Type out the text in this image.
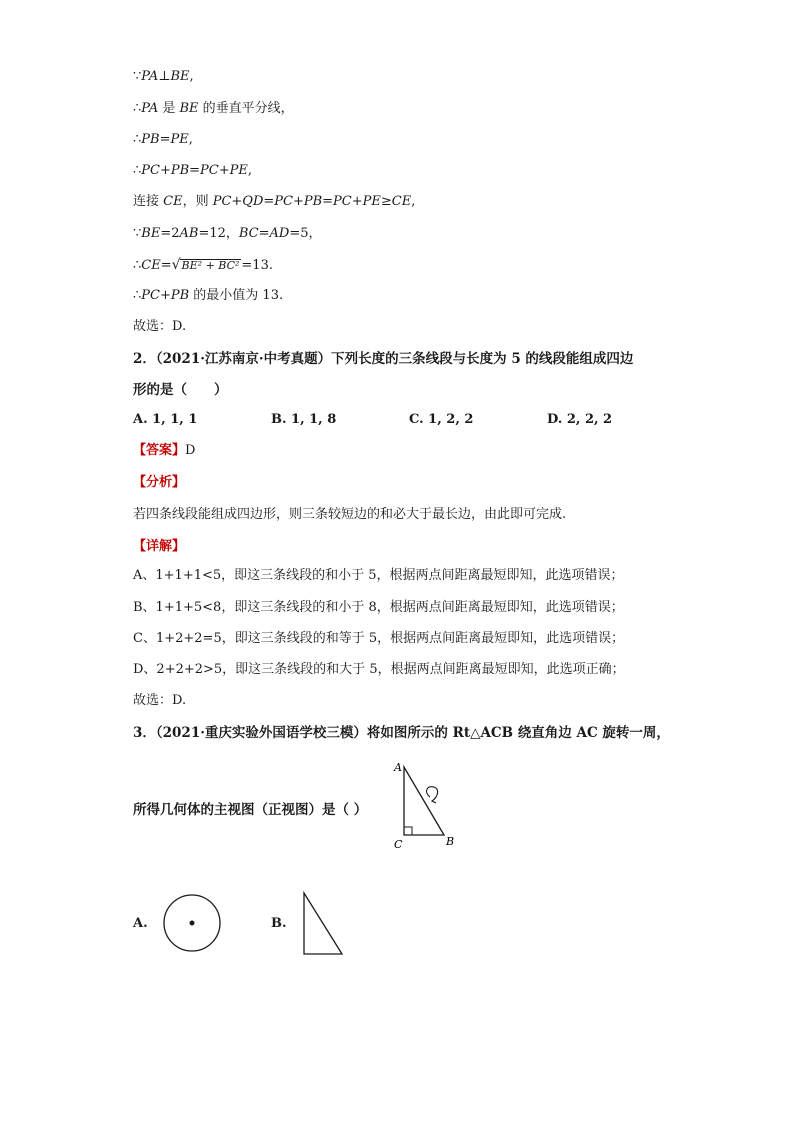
∵PA⊥BE,
∴PA 是 BE 的垂直平分线，
∴PB=PE,
∴PC+PB=PC+PE,
连接 CE，则 PC+QD=PC+PB=PC+PE≥CE,
∵BE=2AB=12，BC=AD=5，
∴CE=√BE² + BC² =13.
∴PC+PB 的最小值为 13.
故选：D.
2．（2021·江苏南京·中考真题）下列长度的三条线段与长度为 5 的线段能组成四边
形的是（　　）
A. 1, 1, 1	B. 1, 1, 8	C. 1, 2, 2	D. 2, 2, 2
【答案】D
【分析】
若四条线段能组成四边形，则三条较短边的和必大于最长边，由此即可完成.
【详解】
A、1+1+1<5，即这三条线段的和小于 5，根据两点间距离最短即知，此选项错误；
B、1+1+5<8，即这三条线段的和小于 8，根据两点间距离最短即知，此选项错误；
C、1+2+2=5，即这三条线段的和等于 5，根据两点间距离最短即知，此选项错误；
D、2+2+2>5，即这三条线段的和大于 5，根据两点间距离最短即知，此选项正确；
故选：D.
3．（2021·重庆实验外国语学校三模）将如图所示的 Rt△ACB 绕直角边 AC 旋转一周，
A
B
C
所得几何体的主视图（正视图）是（ ）
A.	B.
